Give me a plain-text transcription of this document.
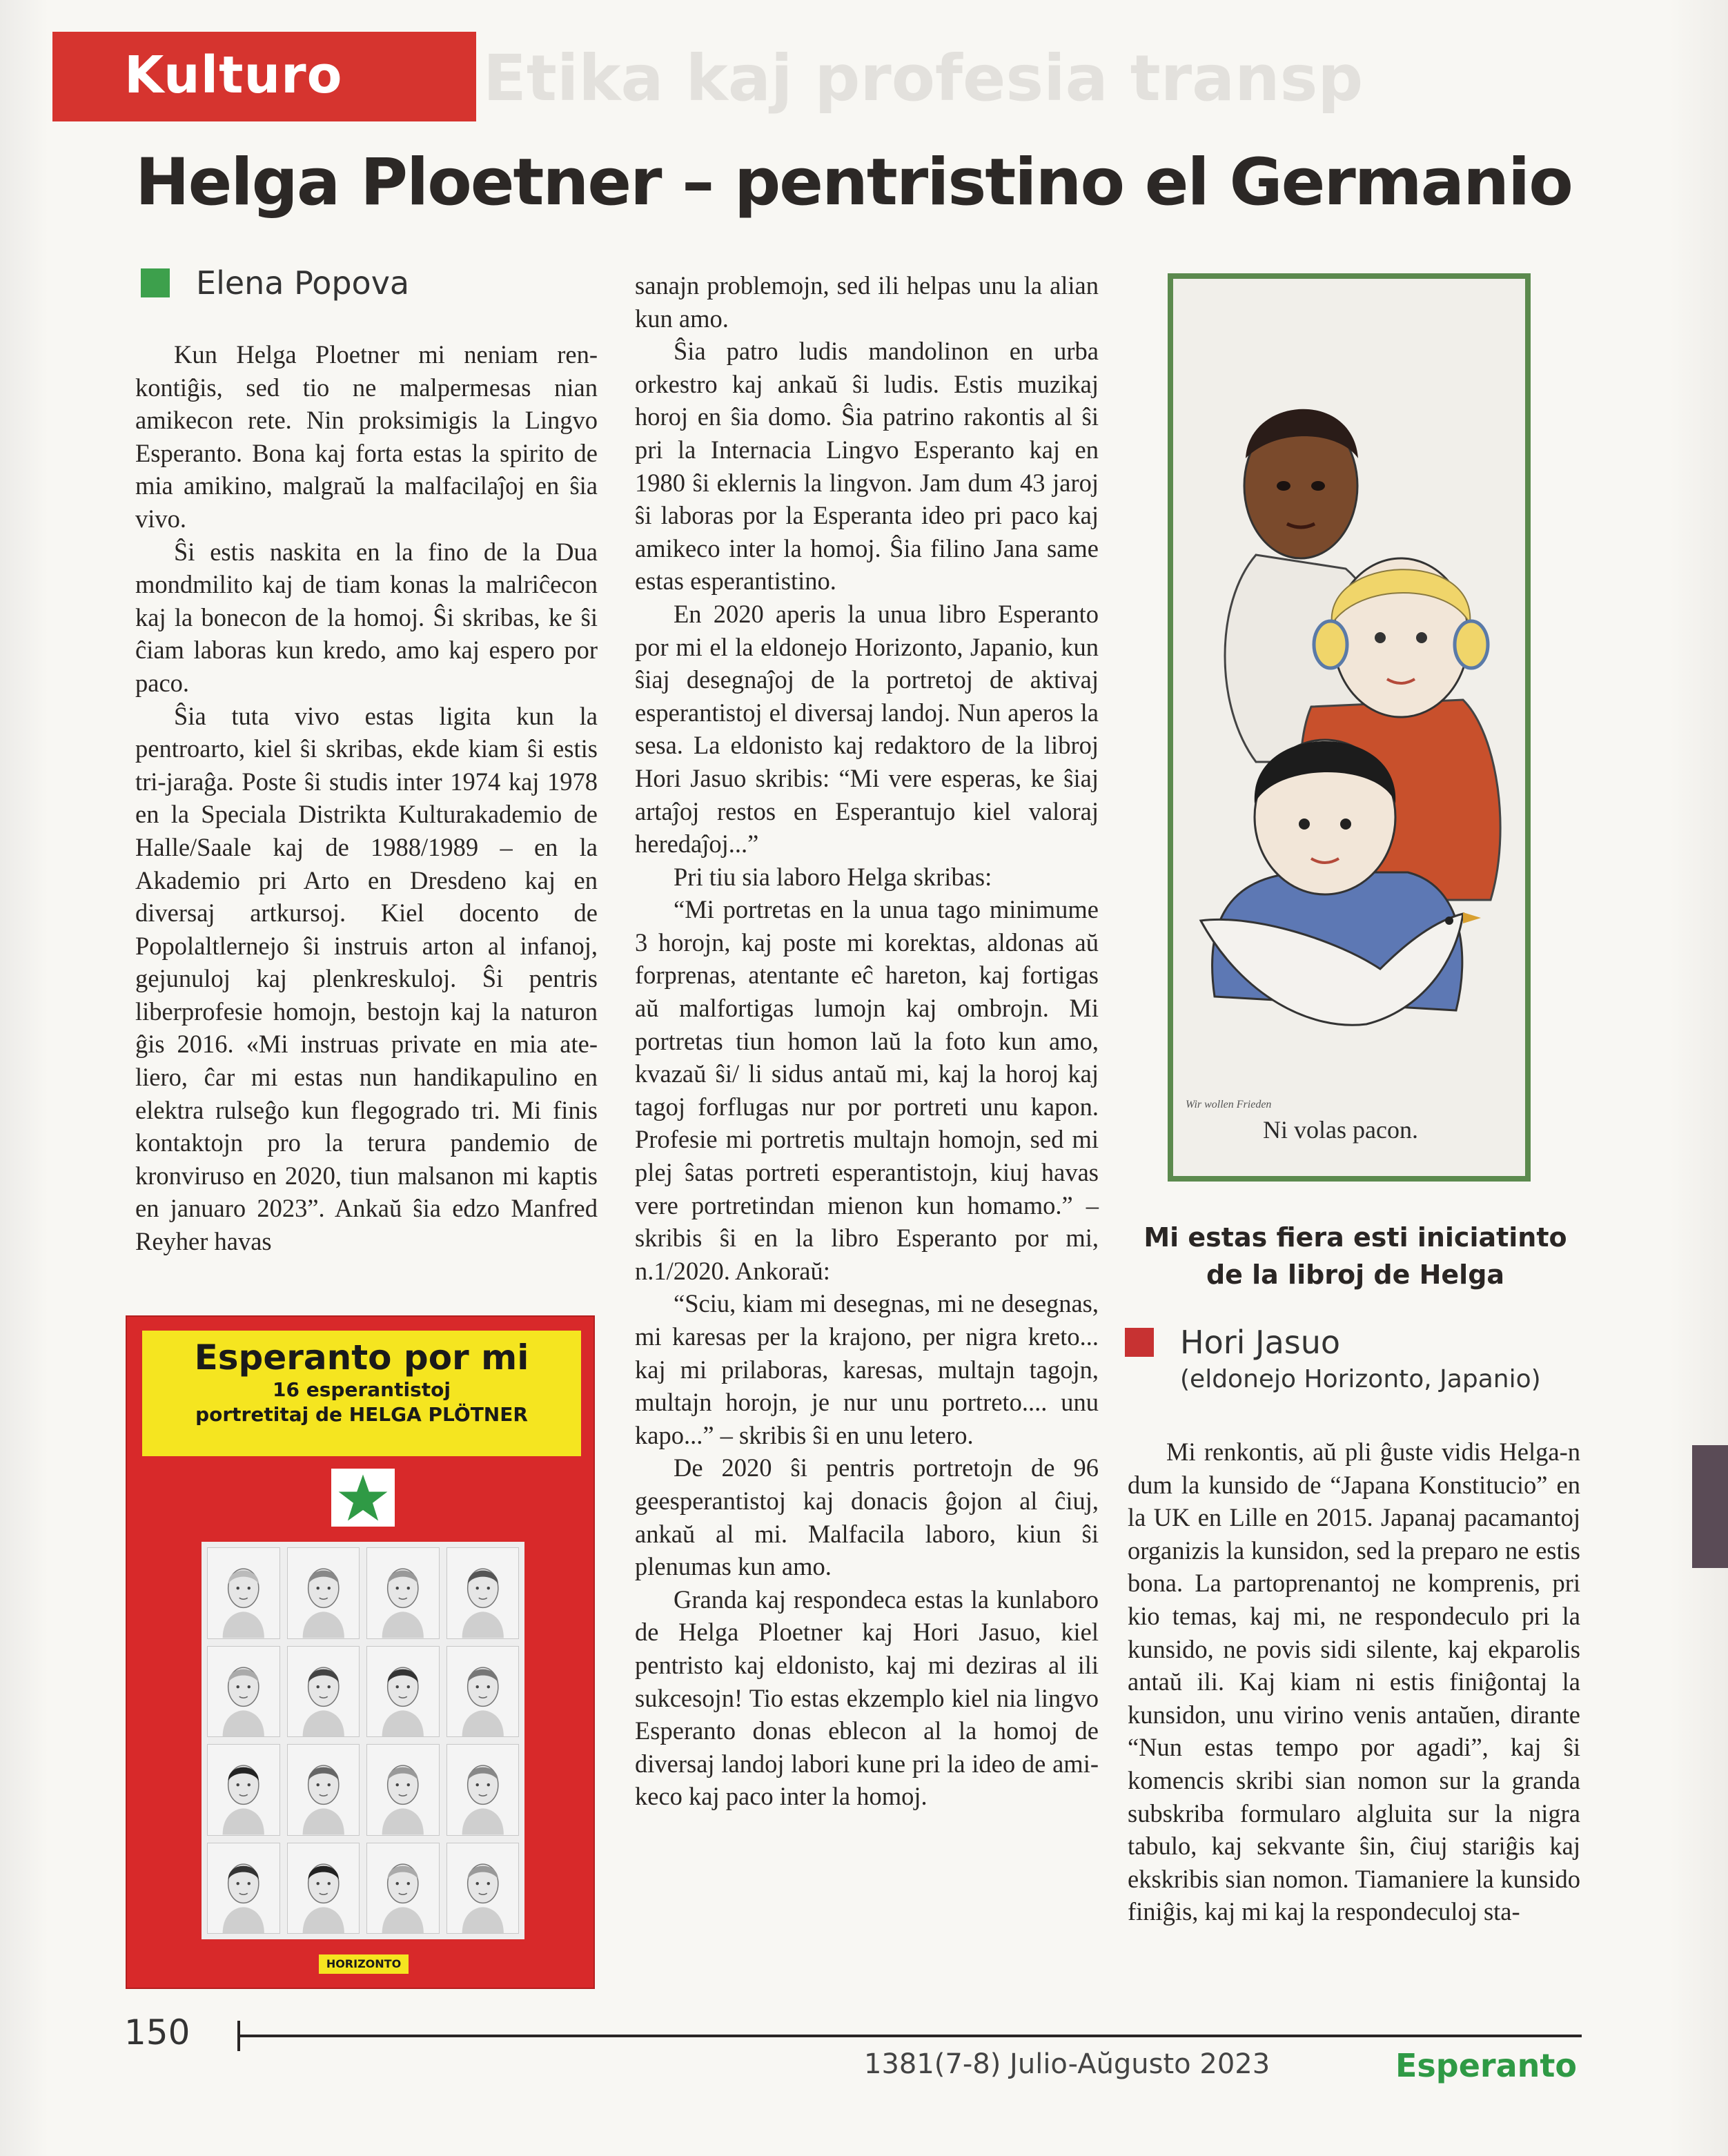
Etika kaj profesia transp
Kulturo
Helga Ploetner – pentristino el Germanio
Elena Popova

Kun Helga Ploetner mi neniam renkontiĝis, sed tio ne malpermesas nian amikecon rete. Nin proksimigis la Lingvo Esperanto. Bona kaj forta estas la spirito de mia amikino, malgraŭ la malfacilaĵoj en ŝia vivo.

Ŝi estis naskita en la fino de la Dua mondmilito kaj de tiam konas la malriĉecon kaj la bonecon de la homoj. Ŝi skribas, ke ŝi ĉiam laboras kun kredo, amo kaj espero por paco.

Ŝia tuta vivo estas ligita kun la pentroarto, kiel ŝi skribas, ekde kiam ŝi estis tri-jaraĝa. Poste ŝi studis inter 1974 kaj 1978 en la Speciala Distrikta Kulturakademio de Halle/Saale kaj de 1988/1989 – en la Akademio pri Arto en Dresdeno kaj en diversaj artkursoj. Kiel docento de Popolaltlernejo ŝi instruis arton al infanoj, gejunuloj kaj plenkreskuloj. Ŝi pentris liberprofesie homojn, bestojn kaj la naturon ĝis 2016. «Mi instruas private en mia ateliero, ĉar mi estas nun handikapulino en elektra rulseĝo kun flegogrado tri. Mi finis kontaktojn pro la terura pandemio de kronviruso en 2020, tiun malsanon mi kaptis en januaro 2023”. Ankaŭ ŝia edzo Manfred Reyher havas

Esperanto por mi
16 esperantistoj
portretitaj de HELGA PLÖTNER
HORIZONTO

sanajn problemojn, sed ili helpas unu la alian kun amo.

Ŝia patro ludis mandolinon en urba orkestro kaj ankaŭ ŝi ludis. Estis muzikaj horoj en ŝia domo. Ŝia patrino rakontis al ŝi pri la Internacia Lingvo Esperanto kaj en 1980 ŝi eklernis la lingvon. Jam dum 43 jaroj ŝi laboras por la Esperanta ideo pri paco kaj amikeco inter la homoj. Ŝia filino Jana same estas esperantistino.

En 2020 aperis la unua libro Esperanto por mi el la eldonejo Horizonto, Japanio, kun ŝiaj desegnaĵoj de la portretoj de aktivaj esperantistoj el diversaj landoj. Nun aperos la sesa. La eldonisto kaj redaktoro de la libroj Hori Jasuo skribis: “Mi vere esperas, ke ŝiaj artaĵoj restos en Esperantujo kiel valoraj heredaĵoj...”

Pri tiu sia laboro Helga skribas:

“Mi portretas en la unua tago minimume 3 horojn, kaj poste mi korektas, aldonas aŭ forprenas, atentante eĉ hareton, kaj fortigas aŭ malfortigas lumojn kaj ombrojn. Mi portretas tiun homon laŭ la foto kun amo, kvazaŭ ŝi/ li sidus antaŭ mi, kaj la horoj kaj tagoj forflugas nur por portreti unu kapon. Profesie mi portretis multajn homojn, sed mi plej ŝatas portreti esperantistojn, kiuj havas vere portretindan mienon kun homamo.” – skribis ŝi en la libro Esperanto por mi, n.1/2020. Ankoraŭ:

“Sciu, kiam mi desegnas, mi ne desegnas, mi karesas per la krajono, per nigra kreto... kaj mi prilaboras, karesas, multajn tagojn, multajn horojn, je nur unu portreto.... unu kapo...” – skribis ŝi en unu letero.

De 2020 ŝi pentris portretojn de 96 geesperantistoj kaj donacis ĝojon al ĉiuj, ankaŭ al mi. Malfacila laboro, kiun ŝi plenumas kun amo.

Granda kaj respondeca estas la kunlaboro de Helga Ploetner kaj Hori Jasuo, kiel pentristo kaj eldonisto, kaj mi deziras al ili sukcesojn! Tio estas ekzemplo kiel nia lingvo Esperanto donas eblecon al la homoj de diversaj landoj labori kune pri la ideo de amikeco kaj paco inter la homoj.

Wir wollen Frieden
Ni volas pacon.
Mi estas fiera esti iniciatinto
de la libroj de Helga
Hori Jasuo
(eldonejo Horizonto, Japanio)

Mi renkontis, aŭ pli ĝuste vidis Helga-n dum la kunsido de “Japana Konstitucio” en la UK en Lille en 2015. Japanaj pacamantoj organizis la kunsidon, sed la preparo ne estis bona. La partoprenantoj ne komprenis, pri kio temas, kaj mi, ne respondeculo pri la kunsido, ne povis sidi silente, kaj ekparolis antaŭ ili. Kaj kiam ni estis finiĝontaj la kunsidon, unu virino venis antaŭen, dirante “Nun estas tempo por agadi”, kaj ŝi komencis skribi sian nomon sur la granda subskriba formularo algluita sur la nigra tabulo, kaj sekvante ŝin, ĉiuj stariĝis kaj ekskribis sian nomon. Tiamaniere la kunsido finiĝis, kaj mi kaj la respondeculoj sta-

150
1381(7-8) Julio-Aŭgusto 2023	Esperanto
